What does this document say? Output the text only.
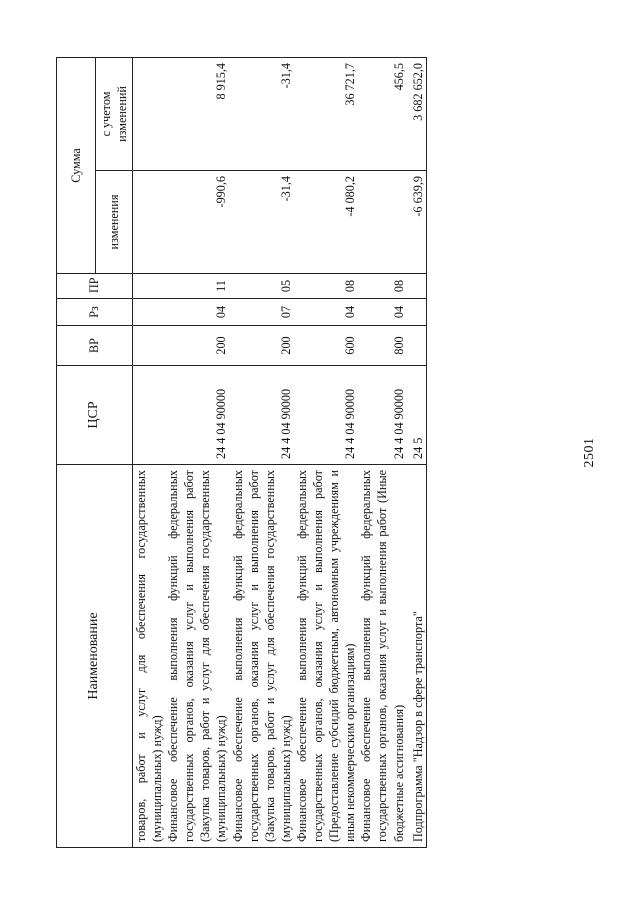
2501
Наименование	ЦСР	ВР	Рз	ПР	Сумма	
					изменения	с учетом изменений
товаров, работ и услуг для обеспечения государственных (муниципальных) нужд)						
Финансовое обеспечение выполнения функций федеральных государственных органов, оказания услуг и выполнения работ (Закупка товаров, работ и услуг для обеспечения государственных (муниципальных) нужд)	24 4 04 90000	200	04	11	-990,6	8 915,4
Финансовое обеспечение выполнения функций федеральных государственных органов, оказания услуг и выполнения работ (Закупка товаров, работ и услуг для обеспечения государственных (муниципальных) нужд)	24 4 04 90000	200	07	05	-31,4	-31,4
Финансовое обеспечение выполнения функций федеральных государственных органов, оказания услуг и выполнения работ (Предоставление субсидий бюджетным, автономным учреждениям и иным некоммерческим организациям)	24 4 04 90000	600	04	08	-4 080,2	36 721,7
Финансовое обеспечение выполнения функций федеральных государственных органов, оказания услуг и выполнения работ (Иные бюджетные ассигнования)	24 4 04 90000	800	04	08		456,5
Подпрограмма "Надзор в сфере транспорта"	24 5				-6 639,9	3 682 652,0
